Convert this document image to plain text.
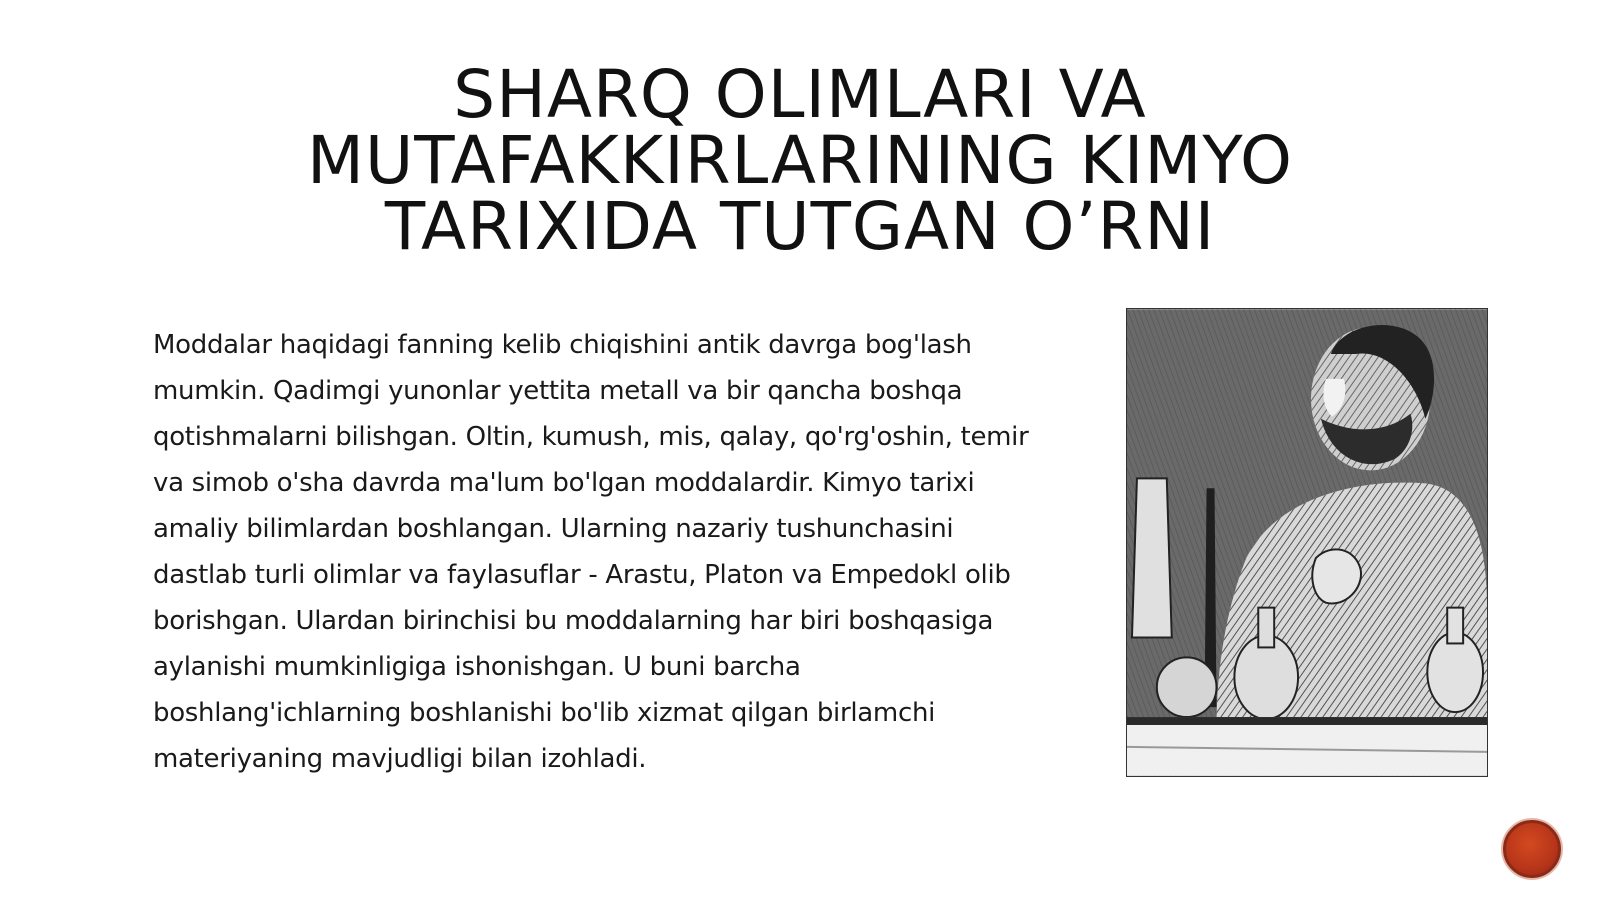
SHARQ OLIMLARI VA
MUTAFAKKIRLARINING KIMYO
TARIXIDA TUTGAN O’RNI
Moddalar haqidagi fanning kelib chiqishini antik davrga bog'lash
mumkin. Qadimgi yunonlar yettita metall va bir qancha boshqa
qotishmalarni bilishgan. Oltin, kumush, mis, qalay, qo'rg'oshin, temir
va simob o'sha davrda ma'lum bo'lgan moddalardir. Kimyo tarixi
amaliy bilimlardan boshlangan. Ularning nazariy tushunchasini
dastlab turli olimlar va faylasuflar - Arastu, Platon va Empedokl olib
borishgan. Ulardan birinchisi bu moddalarning har biri boshqasiga
aylanishi mumkinligiga ishonishgan. U buni barcha
boshlang'ichlarning boshlanishi bo'lib xizmat qilgan birlamchi
materiyaning mavjudligi bilan izohladi.
